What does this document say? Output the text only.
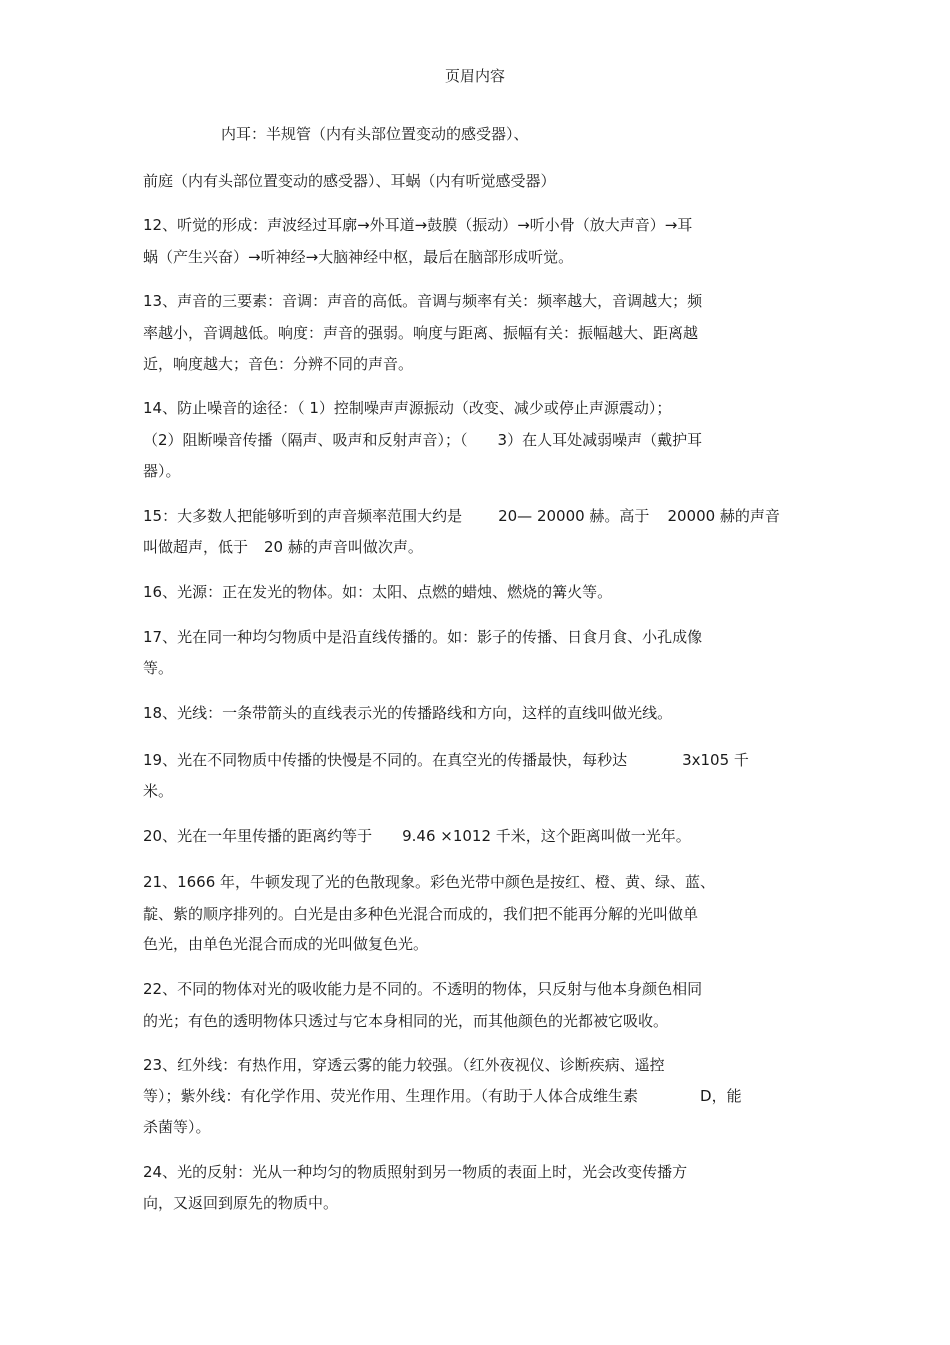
页眉内容
内耳：半规管（内有头部位置变动的感受器）、
前庭（内有头部位置变动的感受器）、耳蜗（内有听觉感受器）
12、听觉的形成：声波经过耳廓→外耳道→鼓膜（振动）→听小骨（放大声音）→耳
蜗（产生兴奋）→听神经→大脑神经中枢，最后在脑部形成听觉。
13、声音的三要素：音调：声音的高低。音调与频率有关：频率越大，音调越大；频
率越小，音调越低。响度：声音的强弱。响度与距离、振幅有关：振幅越大、距离越
近，响度越大；音色：分辨不同的声音。
14、防止噪音的途径：（ 1）控制噪声声源振动（改变、减少或停止声源震动）；
（2）阻断噪音传播（隔声、吸声和反射声音）；（ 3）在人耳处减弱噪声（戴护耳
器）。
15：大多数人把能够听到的声音频率范围大约是 20— 20000 赫。高于 20000 赫的声音
叫做超声，低于 20 赫的声音叫做次声。
16、光源：正在发光的物体。如：太阳、点燃的蜡烛、燃烧的篝火等。
17、光在同一种均匀物质中是沿直线传播的。如：影子的传播、日食月食、小孔成像
等。
18、光线：一条带箭头的直线表示光的传播路线和方向，这样的直线叫做光线。
19、光在不同物质中传播的快慢是不同的。在真空光的传播最快，每秒达	3x105 千
米。
20、光在一年里传播的距离约等于 9.46 ×1012 千米，这个距离叫做一光年。
21、1666 年，牛顿发现了光的色散现象。彩色光带中颜色是按红、橙、黄、绿、蓝、
靛、紫的顺序排列的。白光是由多种色光混合而成的，我们把不能再分解的光叫做单
色光，由单色光混合而成的光叫做复色光。
22、不同的物体对光的吸收能力是不同的。不透明的物体，只反射与他本身颜色相同
的光；有色的透明物体只透过与它本身相同的光，而其他颜色的光都被它吸收。
23、红外线：有热作用，穿透云雾的能力较强。（红外夜视仪、诊断疾病、遥控
等）；紫外线：有化学作用、荧光作用、生理作用。（有助于人体合成维生素	D，能
杀菌等）。
24、光的反射：光从一种均匀的物质照射到另一物质的表面上时，光会改变传播方
向，又返回到原先的物质中。
